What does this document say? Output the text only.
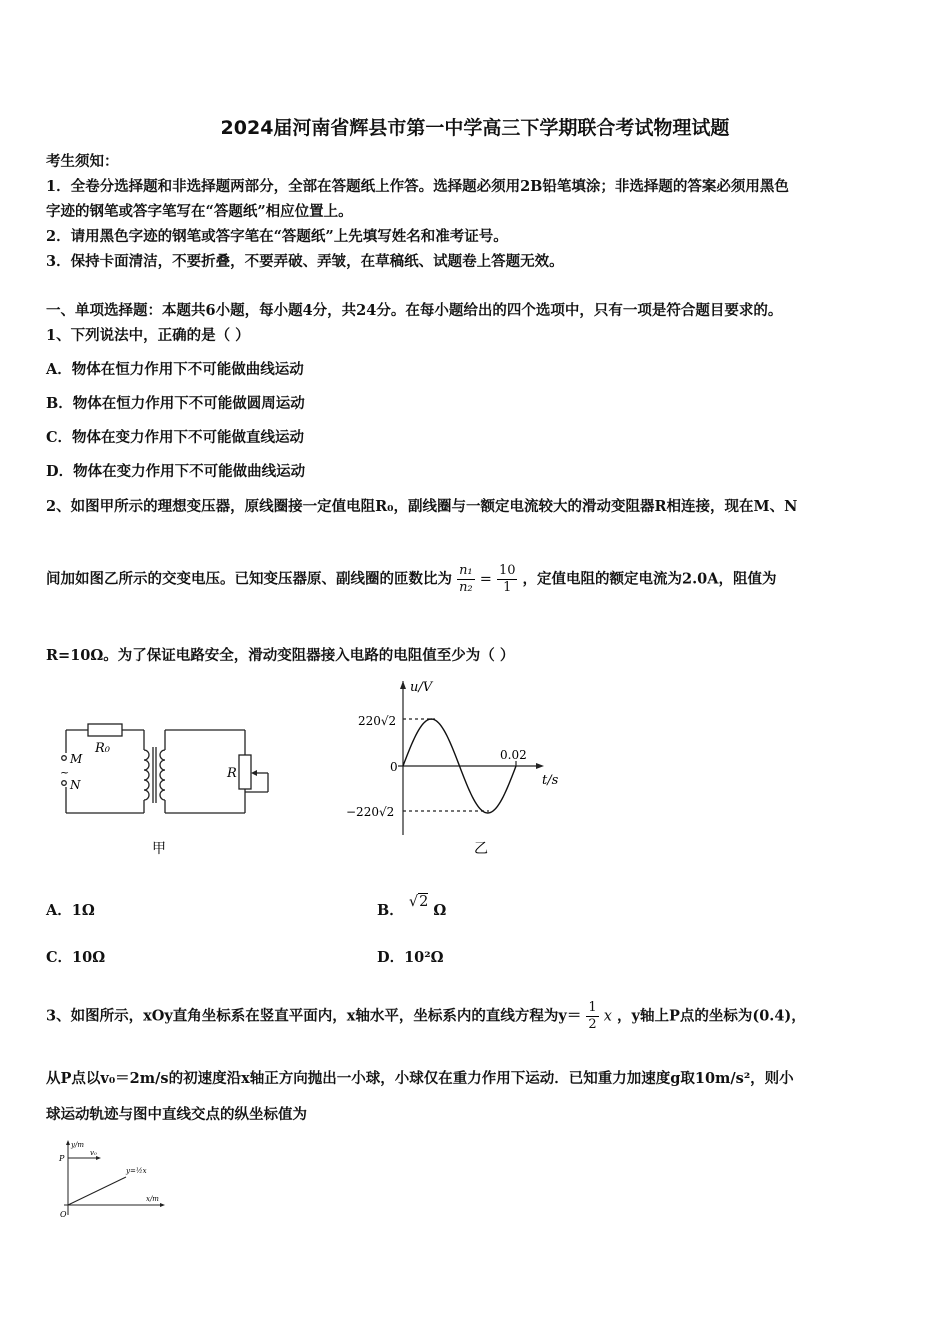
2024届河南省辉县市第一中学高三下学期联合考试物理试题
考生须知：
1．全卷分选择题和非选择题两部分，全部在答题纸上作答。选择题必须用2B铅笔填涂；非选择题的答案必须用黑色
字迹的钢笔或答字笔写在“答题纸”相应位置上。
2．请用黑色字迹的钢笔或答字笔在“答题纸”上先填写姓名和准考证号。
3．保持卡面清洁，不要折叠，不要弄破、弄皱，在草稿纸、试题卷上答题无效。
一、单项选择题：本题共6小题，每小题4分，共24分。在每小题给出的四个选项中，只有一项是符合题目要求的。
1、下列说法中，正确的是（ ）
A．物体在恒力作用下不可能做曲线运动
B．物体在恒力作用下不可能做圆周运动
C．物体在变力作用下不可能做直线运动
D．物体在变力作用下不可能做曲线运动
2、如图甲所示的理想变压器，原线圈接一定值电阻R₀，副线圈与一额定电流较大的滑动变阻器R相连接，现在M、N
间加如图乙所示的交变电压。已知变压器原、副线圈的匝数比为 $\frac{\text{n₁}}{\text{n₂}} = \frac{10}{1}$ ，定值电阻的额定电流为2.0A，阻值为
R=10Ω。为了保证电路安全，滑动变阻器接入电路的电阻值至少为（ ）
R₀
M
~
N
R
甲
u/V
220√2
0
0.02
−220√2
t/s
乙
A．1Ω	B． √2 Ω
C．10Ω	D．10²Ω
3、如图所示，xOy直角坐标系在竖直平面内，x轴水平，坐标系内的直线方程为$y= \frac{1}{2}$ x ，y轴上P点的坐标为(0.4)，
从P点以v₀＝2m/s的初速度沿x轴正方向抛出一小球，小球仅在重力作用下运动．已知重力加速度g取10m/s²，则小
球运动轨迹与图中直线交点的纵坐标值为
y/m
P
v₀
y=½x
x/m
O
